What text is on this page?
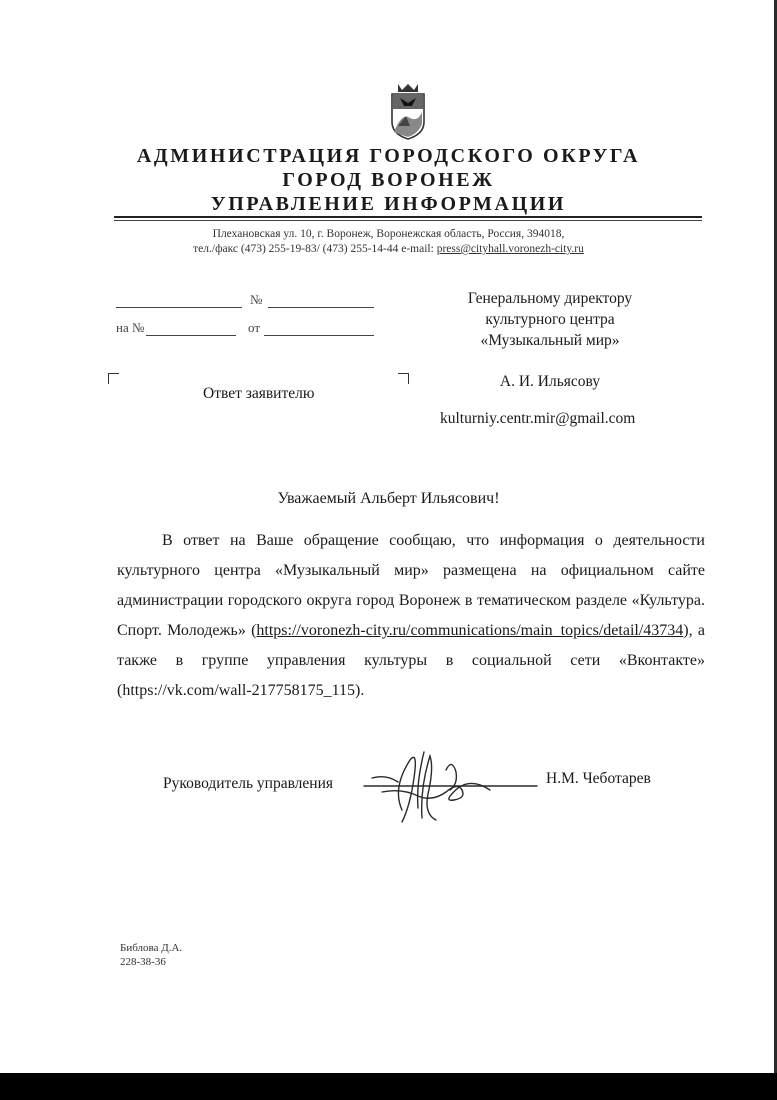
АДМИНИСТРАЦИЯ ГОРОДСКОГО ОКРУГА
ГОРОД ВОРОНЕЖ
УПРАВЛЕНИЕ ИНФОРМАЦИИ
Плехановская ул. 10, г. Воронеж, Воронежская область, Россия, 394018,
тел./факс (473) 255-19-83/ (473) 255-14-44 e-mail: press@cityhall.voronezh-city.ru
№
на №	от
Ответ заявителю
Генеральному директору
культурного центра
«Музыкальный мир»
А. И. Ильясову
kulturniy.centr.mir@gmail.com
Уважаемый Альберт Ильясович!

В ответ на Ваше обращение сообщаю, что информация о деятельности культурного центра «Музыкальный мир» размещена на официальном сайте администрации городского округа город Воронеж в тематическом разделе «Культура. Спорт. Молодежь» (https://voronezh-city.ru/communications/main_topics/detail/43734), а также в группе управления культуры в социальной сети «Вконтакте» (https://vk.com/wall-217758175_115).

Руководитель управления	Н.М. Чеботарев
Библова Д.А.
228-38-36
